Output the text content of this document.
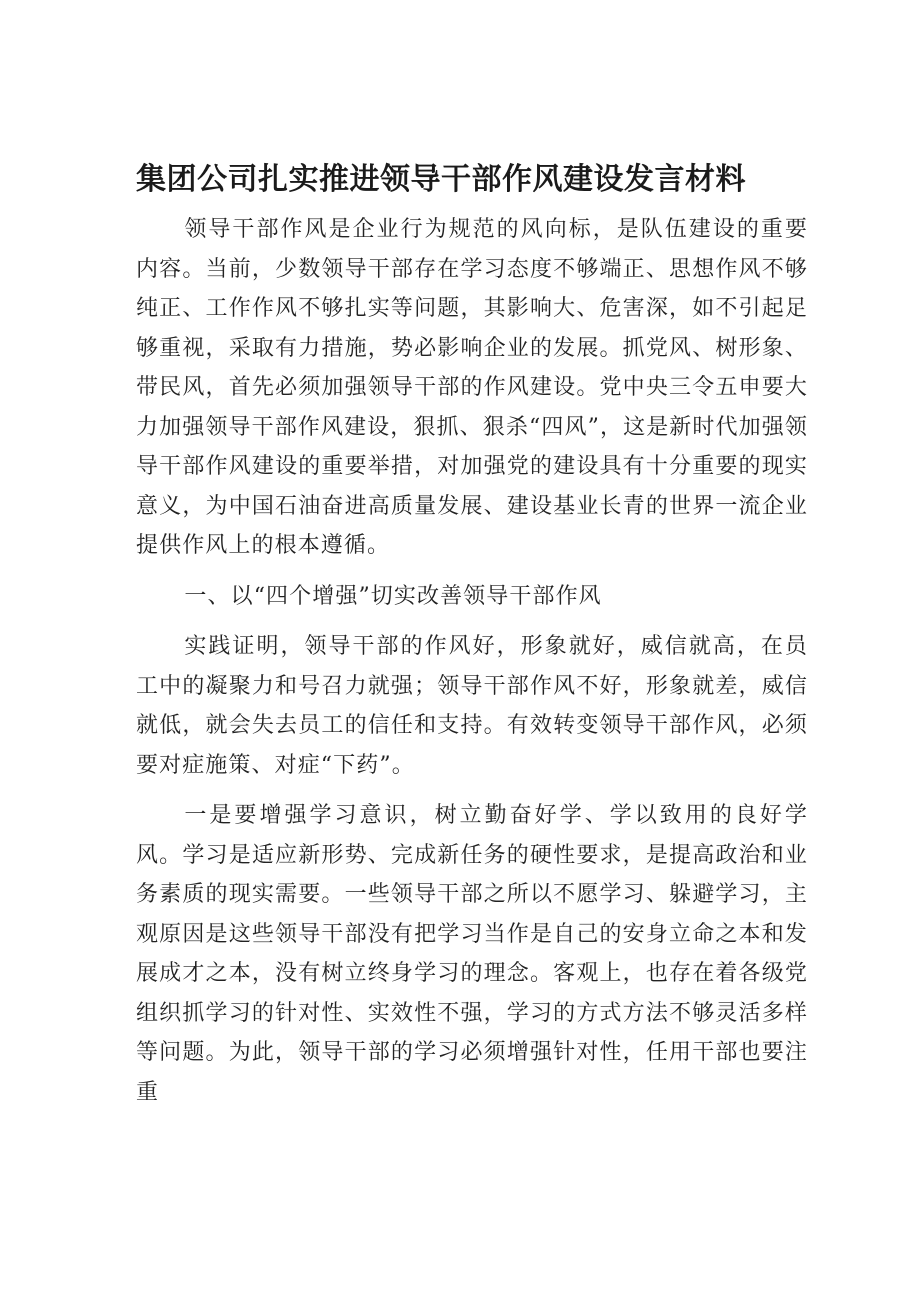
集团公司扎实推进领导干部作风建设发言材料

领导干部作风是企业行为规范的风向标，是队伍建设的重要内容。当前，少数领导干部存在学习态度不够端正、思想作风不够纯正、工作作风不够扎实等问题，其影响大、危害深，如不引起足够重视，采取有力措施，势必影响企业的发展。抓党风、树形象、带民风，首先必须加强领导干部的作风建设。党中央三令五申要大力加强领导干部作风建设，狠抓、狠杀“四风”，这是新时代加强领导干部作风建设的重要举措，对加强党的建设具有十分重要的现实意义，为中国石油奋进高质量发展、建设基业长青的世界一流企业提供作风上的根本遵循。

一、以“四个增强”切实改善领导干部作风

实践证明，领导干部的作风好，形象就好，威信就高，在员工中的凝聚力和号召力就强；领导干部作风不好，形象就差，威信就低，就会失去员工的信任和支持。有效转变领导干部作风，必须要对症施策、对症“下药”。

一是要增强学习意识，树立勤奋好学、学以致用的良好学风。学习是适应新形势、完成新任务的硬性要求，是提高政治和业务素质的现实需要。一些领导干部之所以不愿学习、躲避学习，主观原因是这些领导干部没有把学习当作是自己的安身立命之本和发展成才之本，没有树立终身学习的理念。客观上，也存在着各级党组织抓学习的针对性、实效性不强，学习的方式方法不够灵活多样等问题。为此，领导干部的学习必须增强针对性，任用干部也要注重
